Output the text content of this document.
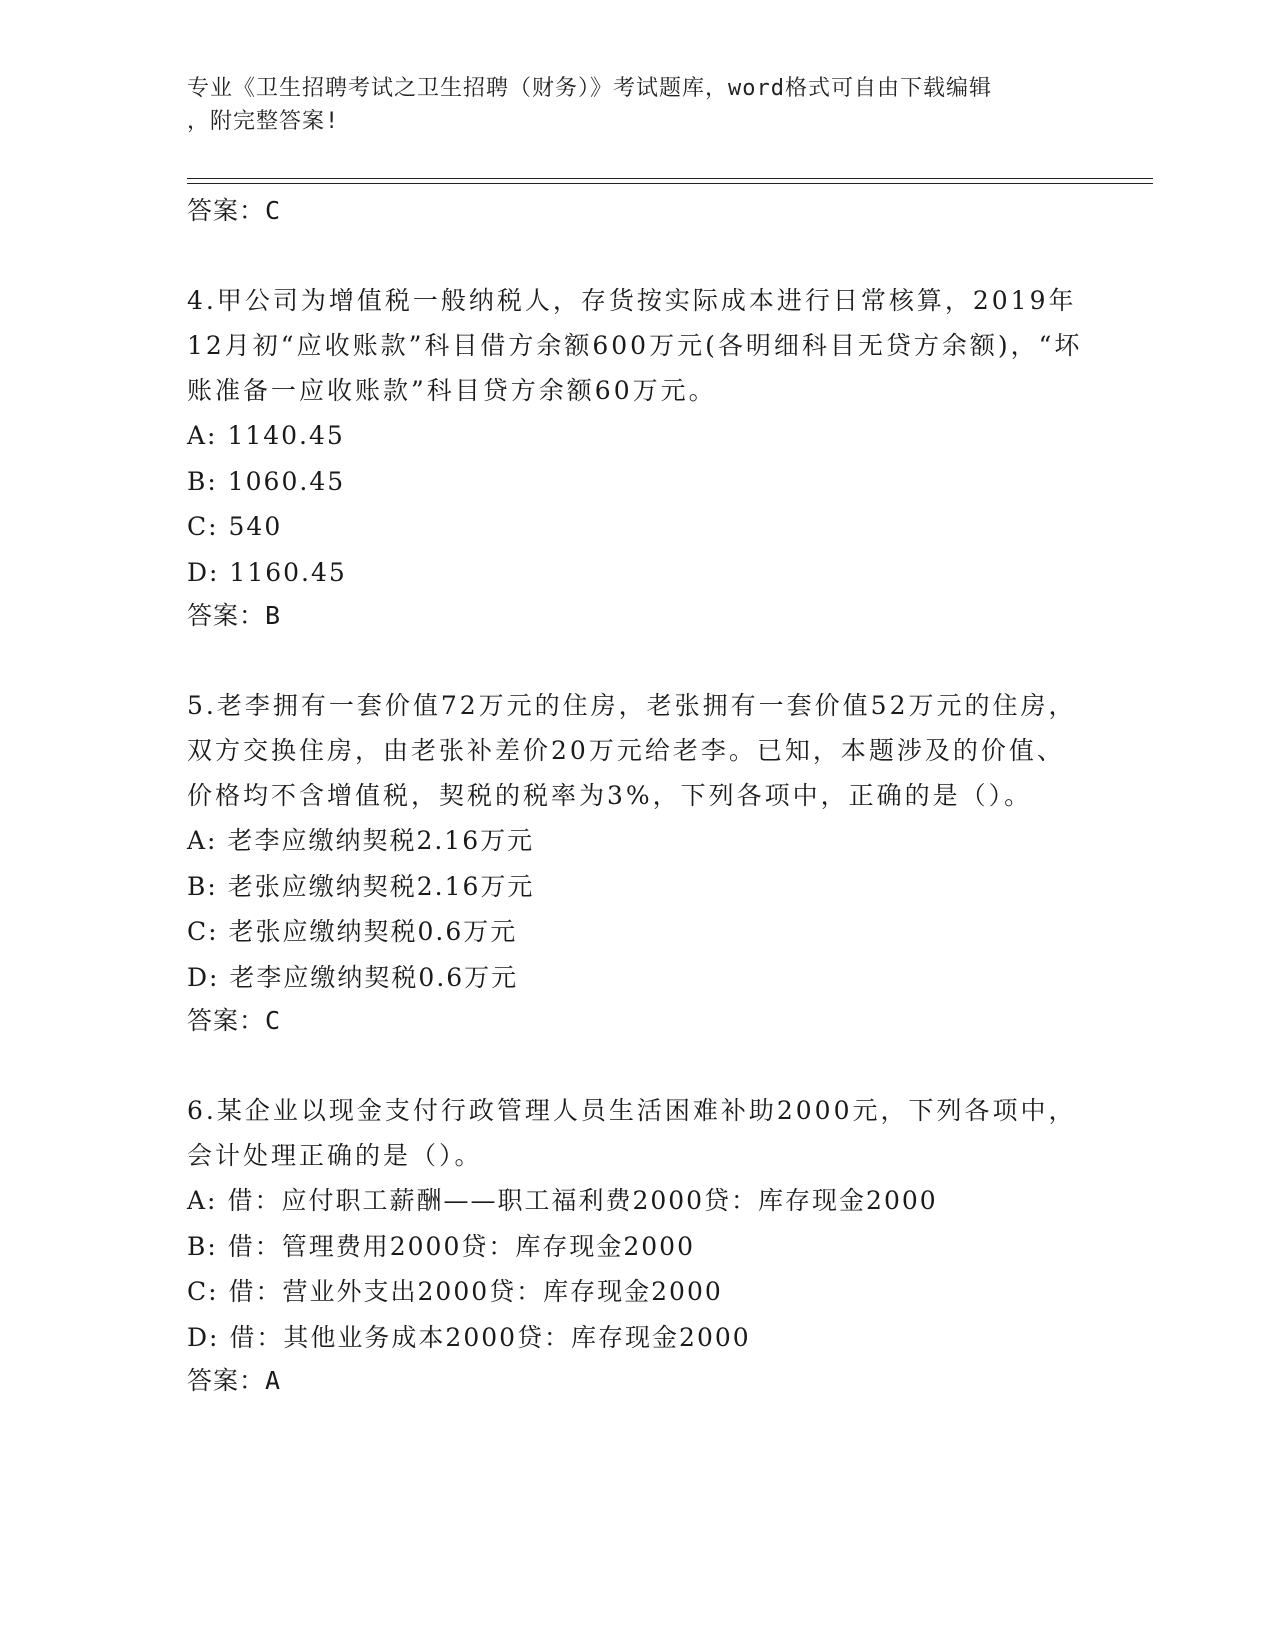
专业《卫生招聘考试之卫生招聘（财务）》考试题库，word格式可自由下载编辑
，附完整答案!
答案：C

4.甲公司为增值税一般纳税人，存货按实际成本进行日常核算，2019年12月初“应收账款”科目借方余额600万元(各明细科目无贷方余额)，“坏账准备一应收账款”科目贷方余额60万元。

A: 1140.45
B: 1060.45
C: 540
D: 1160.45
答案：B

5.老李拥有一套价值72万元的住房，老张拥有一套价值52万元的住房，双方交换住房，由老张补差价20万元给老李。已知，本题涉及的价值、价格均不含增值税，契税的税率为3%，下列各项中，正确的是（）。

A: 老李应缴纳契税2.16万元
B: 老张应缴纳契税2.16万元
C: 老张应缴纳契税0.6万元
D: 老李应缴纳契税0.6万元
答案：C

6.某企业以现金支付行政管理人员生活困难补助2000元，下列各项中，会计处理正确的是（）。

A: 借：应付职工薪酬——职工福利费2000贷：库存现金2000
B: 借：管理费用2000贷：库存现金2000
C: 借：营业外支出2000贷：库存现金2000
D: 借：其他业务成本2000贷：库存现金2000
答案：A
